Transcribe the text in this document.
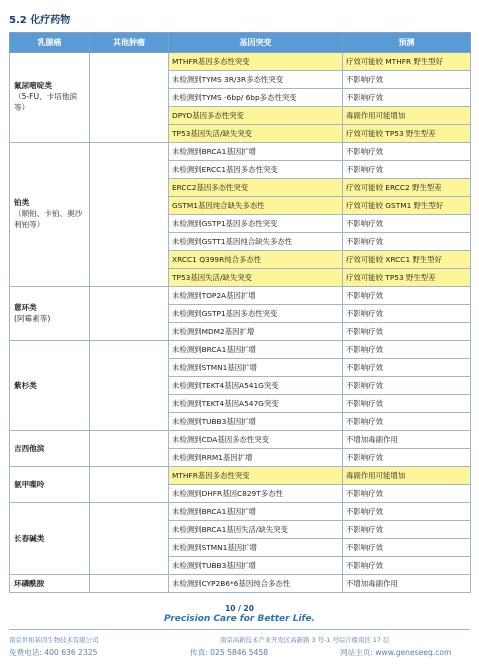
5.2 化疗药物
乳腺癌	其他肿瘤	基因突变	预测

氟尿嘧啶类
（5-FU、卡培他滨等）		MTHFR基因多态性突变	疗效可能较 MTHFR 野生型好
		未检测到TYMS 3R/3R多态性突变	不影响疗效
		未检测到TYMS -6bp/ 6bp多态性突变	不影响疗效
		DPYD基因多态性突变	毒副作用可能增加
		TP53基因失活/缺失突变	疗效可能较 TP53 野生型差

铂类
（顺铂、卡铂、奥沙利铂等）		未检测到BRCA1基因扩增	不影响疗效
		未检测到ERCC1基因多态性突变	不影响疗效
		ERCC2基因多态性突变	疗效可能较 ERCC2 野生型差
		GSTM1基因纯合缺失多态性	疗效可能较 GSTM1 野生型好
		未检测到GSTP1基因多态性突变	不影响疗效
		未检测到GSTT1基因纯合缺失多态性	不影响疗效
		XRCC1 Q399R纯合多态性	疗效可能较 XRCC1 野生型好
		TP53基因失活/缺失突变	疗效可能较 TP53 野生型差

蒽环类
(阿霉素等)		未检测到TOP2A基因扩增	不影响疗效
		未检测到GSTP1基因多态性突变	不影响疗效
		未检测到MDM2基因扩增	不影响疗效

紫杉类		未检测到BRCA1基因扩增	不影响疗效
		未检测到STMN1基因扩增	不影响疗效
		未检测到TEKT4基因A541G突变	不影响疗效
		未检测到TEKT4基因A547G突变	不影响疗效
		未检测到TUBB3基因扩增	不影响疗效

吉西他滨		未检测到CDA基因多态性突变	不增加毒副作用
		未检测到RRM1基因扩增	不影响疗效

氨甲喋呤		MTHFR基因多态性突变	毒副作用可能增加
		未检测到DHFR基因C829T多态性	不影响疗效

长春碱类		未检测到BRCA1基因扩增	不影响疗效
		未检测到BRCA1基因失活/缺失突变	不影响疗效
		未检测到STMN1基因扩增	不影响疗效
		未检测到TUBB3基因扩增	不影响疗效

环磷酰胺		未检测到CYP2B6*6基因纯合多态性	不增加毒副作用
10 / 20
Precision Care for Better Life.
南京世和基因生物技术有限公司	南京高新技术产业开发区高新路 3 号-1 号综合楼南区 17 层
免费电话: 400 636 2325	传真: 025 5846 5458	网站主页: www.geneseeq.com
